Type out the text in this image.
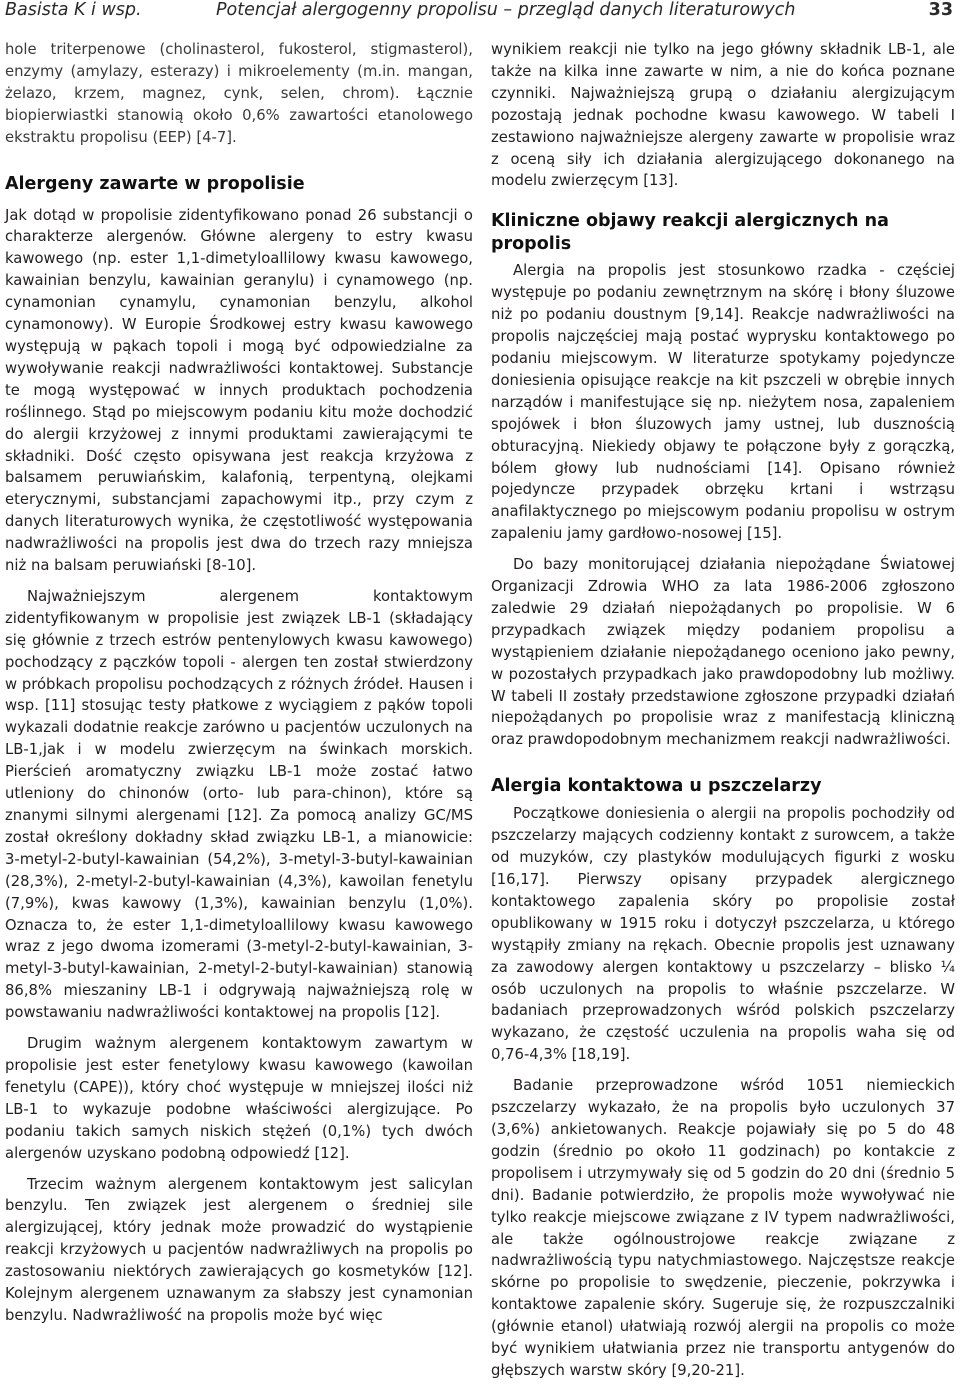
Basista K i wsp.	Potencjał alergogenny propolisu – przegląd danych literaturowych	33

hole triterpenowe (cholinasterol, fukosterol, stigmasterol), enzymy (amylazy, esterazy) i mikroelementy (m.in. mangan, żelazo, krzem, magnez, cynk, selen, chrom). Łącznie biopierwiastki stanowią około 0,6% zawartości etanolowego ekstraktu propolisu (EEP) [4-7].

Alergeny zawarte w propolisie

Jak dotąd w propolisie zidentyfikowano ponad 26 substancji o charakterze alergenów. Główne alergeny to estry kwasu kawowego (np. ester 1,1-dimetyloallilowy kwasu kawowego, kawainian benzylu, kawainian geranylu) i cynamowego (np. cynamonian cynamylu, cynamonian benzylu, alkohol cynamonowy). W Europie Środkowej estry kwasu kawowego występują w pąkach topoli i mogą być odpowiedzialne za wywoływanie reakcji nadwrażliwości kontaktowej. Substancje te mogą występować w innych produktach pochodzenia roślinnego. Stąd po miejscowym podaniu kitu może dochodzić do alergii krzyżowej z innymi produktami zawierającymi te składniki. Dość często opisywana jest reakcja krzyżowa z balsamem peruwiańskim, kalafonią, terpentyną, olejkami eterycznymi, substancjami zapachowymi itp., przy czym z danych literaturowych wynika, że częstotliwość występowania nadwrażliwości na propolis jest dwa do trzech razy mniejsza niż na balsam peruwiański [8-10].

Najważniejszym alergenem kontaktowym zidentyfikowanym w propolisie jest związek LB-1 (składający się głównie z trzech estrów pentenylowych kwasu kawowego) pochodzący z pączków topoli - alergen ten został stwierdzony w próbkach propolisu pochodzących z różnych źródeł. Hausen i wsp. [11] stosując testy płatkowe z wyciągiem z pąków topoli wykazali dodatnie reakcje zarówno u pacjentów uczulonych na LB-1,jak i w modelu zwierzęcym na świnkach morskich. Pierścień aromatyczny związku LB-1 może zostać łatwo utleniony do chinonów (orto- lub para-chinon), które są znanymi silnymi alergenami [12]. Za pomocą analizy GC/MS został określony dokładny skład związku LB-1, a mianowicie: 3-metyl-2-butyl-kawainian (54,2%), 3-metyl-3-butyl-kawainian (28,3%), 2-metyl-2-butyl-kawainian (4,3%), kawoilan fenetylu (7,9%), kwas kawowy (1,3%), kawainian benzylu (1,0%). Oznacza to, że ester 1,1-dimetyloallilowy kwasu kawowego wraz z jego dwoma izomerami (3-metyl-2-butyl-kawainian, 3-metyl-3-butyl-kawainian, 2-metyl-2-butyl-kawainian) stanowią 86,8% mieszaniny LB-1 i odgrywają najważniejszą rolę w powstawaniu nadwrażliwości kontaktowej na propolis [12].

Drugim ważnym alergenem kontaktowym zawartym w propolisie jest ester fenetylowy kwasu kawowego (kawoilan fenetylu (CAPE)), który choć występuje w mniejszej ilości niż LB-1 to wykazuje podobne właściwości alergizujące. Po podaniu takich samych niskich stężeń (0,1%) tych dwóch alergenów uzyskano podobną odpowiedź [12].

Trzecim ważnym alergenem kontaktowym jest salicylan benzylu. Ten związek jest alergenem o średniej sile alergizującej, który jednak może prowadzić do wystąpienie reakcji krzyżowych u pacjentów nadwrażliwych na propolis po zastosowaniu niektórych zawierających go kosmetyków [12]. Kolejnym alergenem uznawanym za słabszy jest cynamonian benzylu. Nadwrażliwość na propolis może być więc

wynikiem reakcji nie tylko na jego główny składnik LB-1, ale także na kilka inne zawarte w nim, a nie do końca poznane czynniki. Najważniejszą grupą o działaniu alergizującym pozostają jednak pochodne kwasu kawowego. W tabeli I zestawiono najważniejsze alergeny zawarte w propolisie wraz z oceną siły ich działania alergizującego dokonanego na modelu zwierzęcym [13].

Kliniczne objawy reakcji alergicznych na propolis

Alergia na propolis jest stosunkowo rzadka - częściej występuje po podaniu zewnętrznym na skórę i błony śluzowe niż po podaniu doustnym [9,14]. Reakcje nadwrażliwości na propolis najczęściej mają postać wyprysku kontaktowego po podaniu miejscowym. W literaturze spotykamy pojedyncze doniesienia opisujące reakcje na kit pszczeli w obrębie innych narządów i manifestujące się np. nieżytem nosa, zapaleniem spojówek i błon śluzowych jamy ustnej, lub dusznością obturacyjną. Niekiedy objawy te połączone były z gorączką, bólem głowy lub nudnościami [14]. Opisano również pojedyncze przypadek obrzęku krtani i wstrząsu anafilaktycznego po miejscowym podaniu propolisu w ostrym zapaleniu jamy gardłowo-nosowej [15].

Do bazy monitorującej działania niepożądane Światowej Organizacji Zdrowia WHO za lata 1986-2006 zgłoszono zaledwie 29 działań niepożądanych po propolisie. W 6 przypadkach związek między podaniem propolisu a wystąpieniem działanie niepożądanego oceniono jako pewny, w pozostałych przypadkach jako prawdopodobny lub możliwy. W tabeli II zostały przedstawione zgłoszone przypadki działań niepożądanych po propolisie wraz z manifestacją kliniczną oraz prawdopodobnym mechanizmem reakcji nadwrażliwości.

Alergia kontaktowa u pszczelarzy

Początkowe doniesienia o alergii na propolis pochodziły od pszczelarzy mających codzienny kontakt z surowcem, a także od muzyków, czy plastyków modulujących figurki z wosku [16,17]. Pierwszy opisany przypadek alergicznego kontaktowego zapalenia skóry po propolisie został opublikowany w 1915 roku i dotyczył pszczelarza, u którego wystąpiły zmiany na rękach. Obecnie propolis jest uznawany za zawodowy alergen kontaktowy u pszczelarzy – blisko ¼ osób uczulonych na propolis to właśnie pszczelarze. W badaniach przeprowadzonych wśród polskich pszczelarzy wykazano, że częstość uczulenia na propolis waha się od 0,76-4,3% [18,19].

Badanie przeprowadzone wśród 1051 niemieckich pszczelarzy wykazało, że na propolis było uczulonych 37 (3,6%) ankietowanych. Reakcje pojawiały się po 5 do 48 godzin (średnio po około 11 godzinach) po kontakcie z propolisem i utrzymywały się od 5 godzin do 20 dni (średnio 5 dni). Badanie potwierdziło, że propolis może wywoływać nie tylko reakcje miejscowe związane z IV typem nadwrażliwości, ale także ogólnoustrojowe reakcje związane z nadwrażliwością typu natychmiastowego. Najczęstsze reakcje skórne po propolisie to swędzenie, pieczenie, pokrzywka i kontaktowe zapalenie skóry. Sugeruje się, że rozpuszczalniki (głównie etanol) ułatwiają rozwój alergii na propolis co może być wynikiem ułatwiania przez nie transportu antygenów do głębszych warstw skóry [9,20-21].
